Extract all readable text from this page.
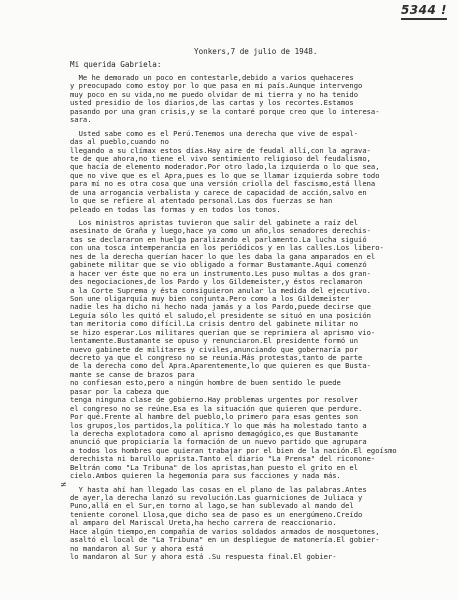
5344 !
Yonkers,7 de julio de 1948.
Mi querida Gabriela:
≠
Me he demorado un poco en contestarle,debido a varios quehaceres
y preocupado como estoy por lo que pasa en mi país.Aunque intervengo
muy poco en su vida,no me puedo olvidar de mi tierra y no ha tenido
usted presidio de los diarios,de las cartas y los recortes.Estamos
pasando por una gran crisis,y se la contaré porque creo que lo interesa-
sara.
Usted sabe como es el Perú.Tenemos una derecha que vive de espal-
das al pueblo,cuando no
llegando a su clímax estos días.Hay aire de feudal allí,con la agrava-
te de que ahora,no tiene el vivo sentimiento religioso del feudalismo,
que hacía de elemento moderador.Por otro lado,la izquierda o lo que sea,
que no vive que es el Apra,pues es lo que se llamar izquierda sobre todo
para mí no es otra cosa que una versión criolla del fascismo,está llena
de una arrogancia verbalista y carece de capacidad de acción,salvo en
lo que se refiere al atentado personal.Las dos fuerzas se han
peleado en todas las formas y en todos los tonos.
Los ministros apristas tuvieron que salir del gabinete a raíz del
asesinato de Graña y luego,hace ya como un año,los senadores derechis-
tas se declararon en huelga paralizando el parlamento.La lucha siguió
con una tosca intemperancia en los periódicos y en las calles.Los libero-
nes de la derecha querían hacer lo que les daba la gana amparados en el
gabinete militar que se vio obligado a formar Bustamante.Aquí comenzó
a hacer ver éste que no era un instrumento.Les puso multas a dos gran-
des negociaciones,de los Pardo y los Gildemeister,y éstos reclamaron
a la Corte Suprema y ésta consiguieron anular la medida del ejecutivo.
Son une oligarquía muy bien conjunta.Pero como a los Gildemeister
nadie les ha dicho ni hecho nada jamás y a los Pardo,puede decirse que
Leguía sólo les quitó el saludo,el presidente se situó en una posición
tan meritoria como difícil.La crisis dentro del gabinete militar no
se hizo esperar.Los militares querían que se reprimiera al aprismo vio-
lentamente.Bustamante se opuso y renunciaron.El presidente formó un
nuevo gabinete de militares y civiles,anunciando que gobernaría por
decreto ya que el congreso no se reunía.Más protestas,tanto de parte
de la derecha como del Apra.Aparentemente,lo que quieren es que Busta-
mante se canse de brazos para
no confiesan esto,pero a ningún hombre de buen sentido le puede
pasar por la cabeza que
tenga ninguna clase de gobierno.Hay problemas urgentes por resolver
el congreso no se reúne.Esa es la situación que quieren que perdure.
Por qué.Frente al hambre del pueblo,lo primero para esas gentes son
los grupos,los partidos,la política.Y lo que más ha molestado tanto a
la derecha explotadora como al aprismo demagógico,es que Bustamante
anunció que propiciaría la formación de un nuevo partido que agrupara
a todos los hombres que quieran trabajar por el bien de la nación.El egoísmo
derechista ni barullo aprista.Tanto el diario "La Prensa" del riconone-
Beltrán como "La Tribuna" de los apristas,han puesto el grito en el
cielo.Ambos quieren la hegemonía para sus facciones y nada más.
Y hasta ahí han llegado las cosas en el plano de las palabras.Antes
de ayer,la derecha lanzó su revolución.Las guarniciones de Juliaca y
Puno,allá en el Sur,en torno al lago,se han sublevado al mando del
teniente coronel Llosa,que dicho sea de paso es un energúmeno.Creído
al amparo del Mariscal Ureta,ha hecho carrera de reaccionario.
Hace algún tiempo,en compañía de varios soldados armados de mosquetones,
asaltó el local de "La Tribuna" en un despliegue de matonería.El gobier-
no mandaron al Sur y ahora está
lo mandaron al Sur y ahora está .Su respuesta final.El gobier-
